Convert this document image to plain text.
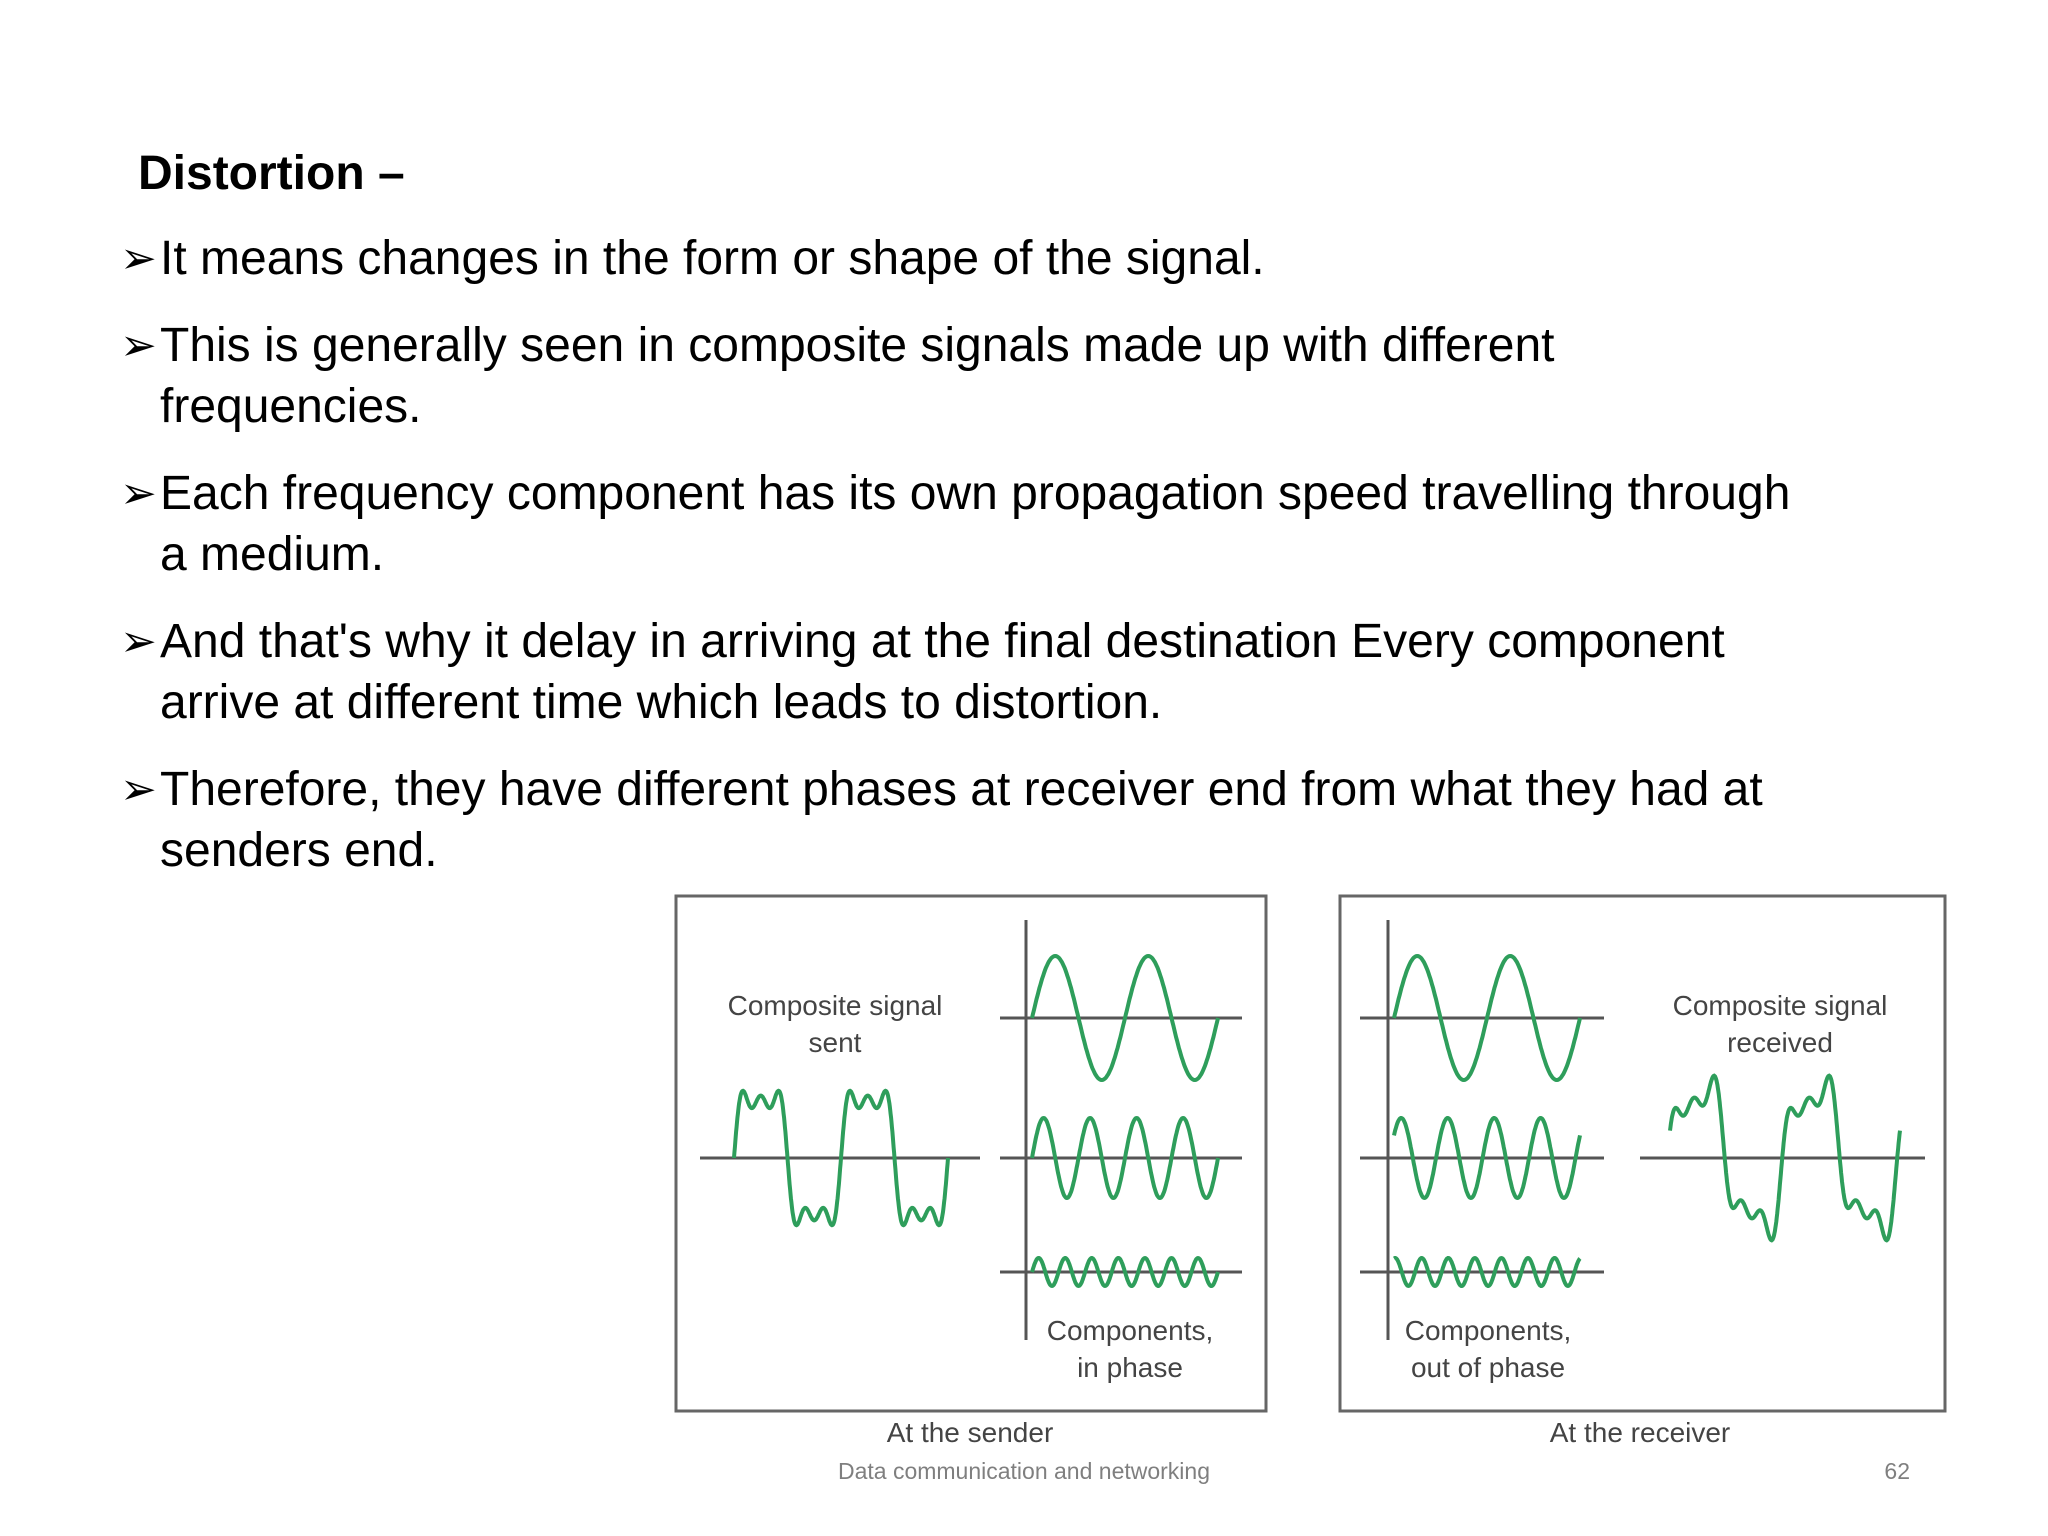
Distortion –
➢ It means changes in the form or shape of the signal.
➢ This is generally seen in composite signals made up with different frequencies.
➢ Each frequency component has its own propagation speed travelling through a medium.
➢ And that's why it delay in arriving at the final destination Every component arrive at different time which leads to distortion.
➢ Therefore, they have different phases at receiver end from what they had at senders end.
Composite signal
sent
Components,
in phase
At the sender
Components,
out of phase
Composite signal
received
At the receiver
Data communication and networking	62
